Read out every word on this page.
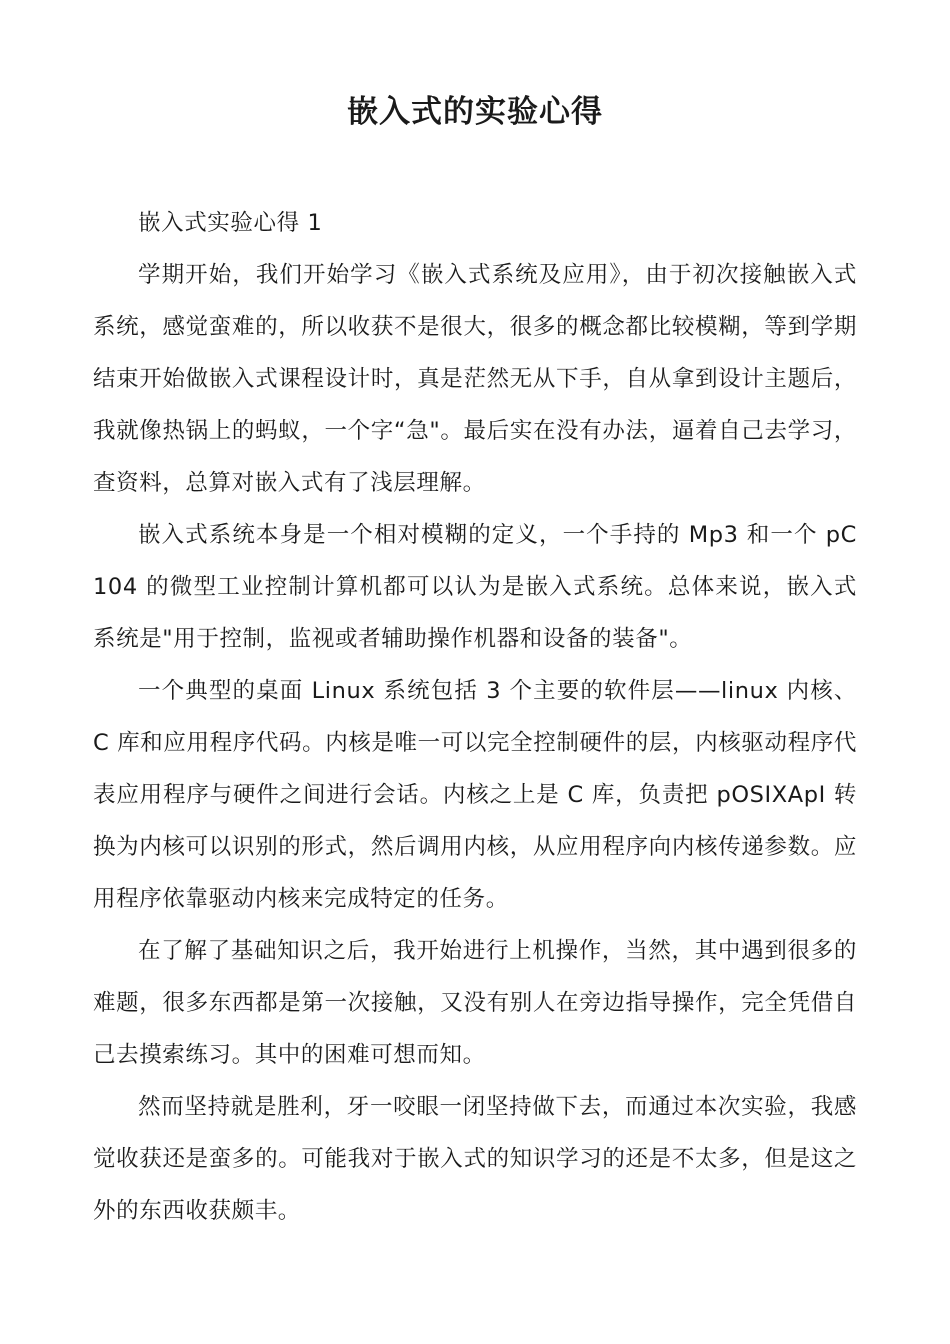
嵌入式的实验心得

嵌入式实验心得 1

学期开始，我们开始学习《嵌入式系统及应用》，由于初次接触嵌入式系统，感觉蛮难的，所以收获不是很大，很多的概念都比较模糊，等到学期结束开始做嵌入式课程设计时，真是茫然无从下手，自从拿到设计主题后，我就像热锅上的蚂蚁，一个字“急"。最后实在没有办法，逼着自己去学习，查资料，总算对嵌入式有了浅层理解。

嵌入式系统本身是一个相对模糊的定义，一个手持的 Mp3 和一个 pC104 的微型工业控制计算机都可以认为是嵌入式系统。总体来说，嵌入式系统是"用于控制，监视或者辅助操作机器和设备的装备"。

一个典型的桌面 Linux 系统包括 3 个主要的软件层——linux 内核、C 库和应用程序代码。内核是唯一可以完全控制硬件的层，内核驱动程序代表应用程序与硬件之间进行会话。内核之上是 C 库，负责把 pOSIXApI 转换为内核可以识别的形式，然后调用内核，从应用程序向内核传递参数。应用程序依靠驱动内核来完成特定的任务。

在了解了基础知识之后，我开始进行上机操作，当然，其中遇到很多的难题，很多东西都是第一次接触，又没有别人在旁边指导操作，完全凭借自己去摸索练习。其中的困难可想而知。

然而坚持就是胜利，牙一咬眼一闭坚持做下去，而通过本次实验，我感觉收获还是蛮多的。可能我对于嵌入式的知识学习的还是不太多，但是这之外的东西收获颇丰。
